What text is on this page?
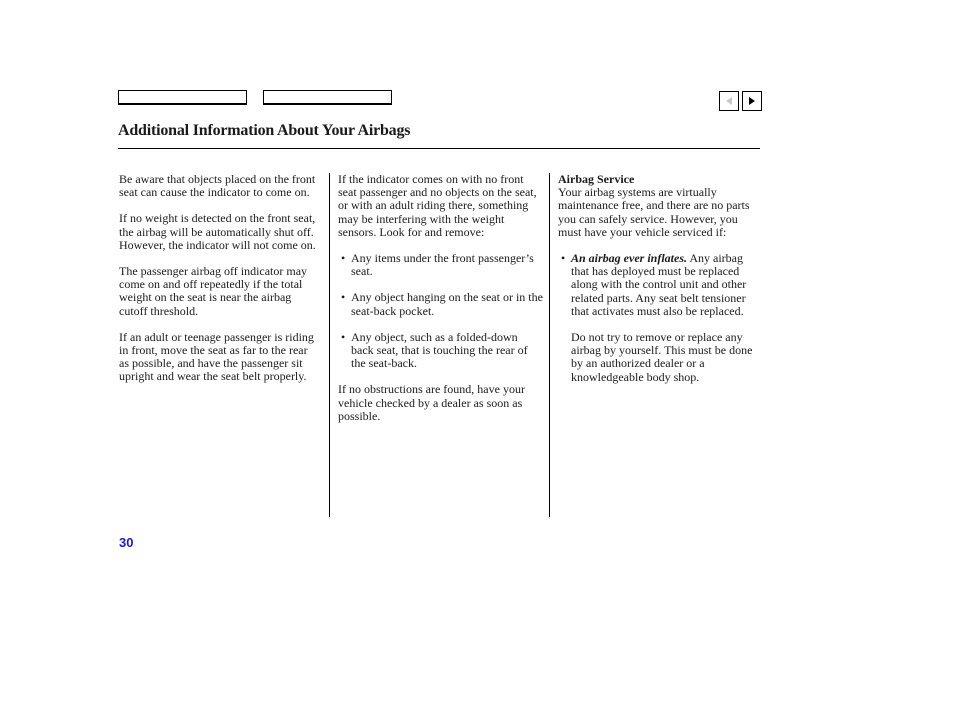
Additional Information About Your Airbags

Be aware that objects placed on the front seat can cause the indicator to come on.

If no weight is detected on the front seat, the airbag will be automatically shut off. However, the indicator will not come on.

The passenger airbag off indicator may come on and off repeatedly if the total weight on the seat is near the airbag cutoff threshold.

If an adult or teenage passenger is riding in front, move the seat as far to the rear as possible, and have the passenger sit upright and wear the seat belt properly.

If the indicator comes on with no front seat passenger and no objects on the seat, or with an adult riding there, something may be interfering with the weight sensors. Look for and remove:

• Any items under the front passenger’s seat.
• Any object hanging on the seat or in the seat-back pocket.
• Any object, such as a folded-down back seat, that is touching the rear of the seat-back.

If no obstructions are found, have your vehicle checked by a dealer as soon as possible.

Airbag Service

Your airbag systems are virtually maintenance free, and there are no parts you can safely service. However, you must have your vehicle serviced if:

• An airbag ever inflates. Any airbag that has deployed must be replaced along with the control unit and other related parts. Any seat belt tensioner that activates must also be replaced.

Do not try to remove or replace any airbag by yourself. This must be done by an authorized dealer or a knowledgeable body shop.

30
